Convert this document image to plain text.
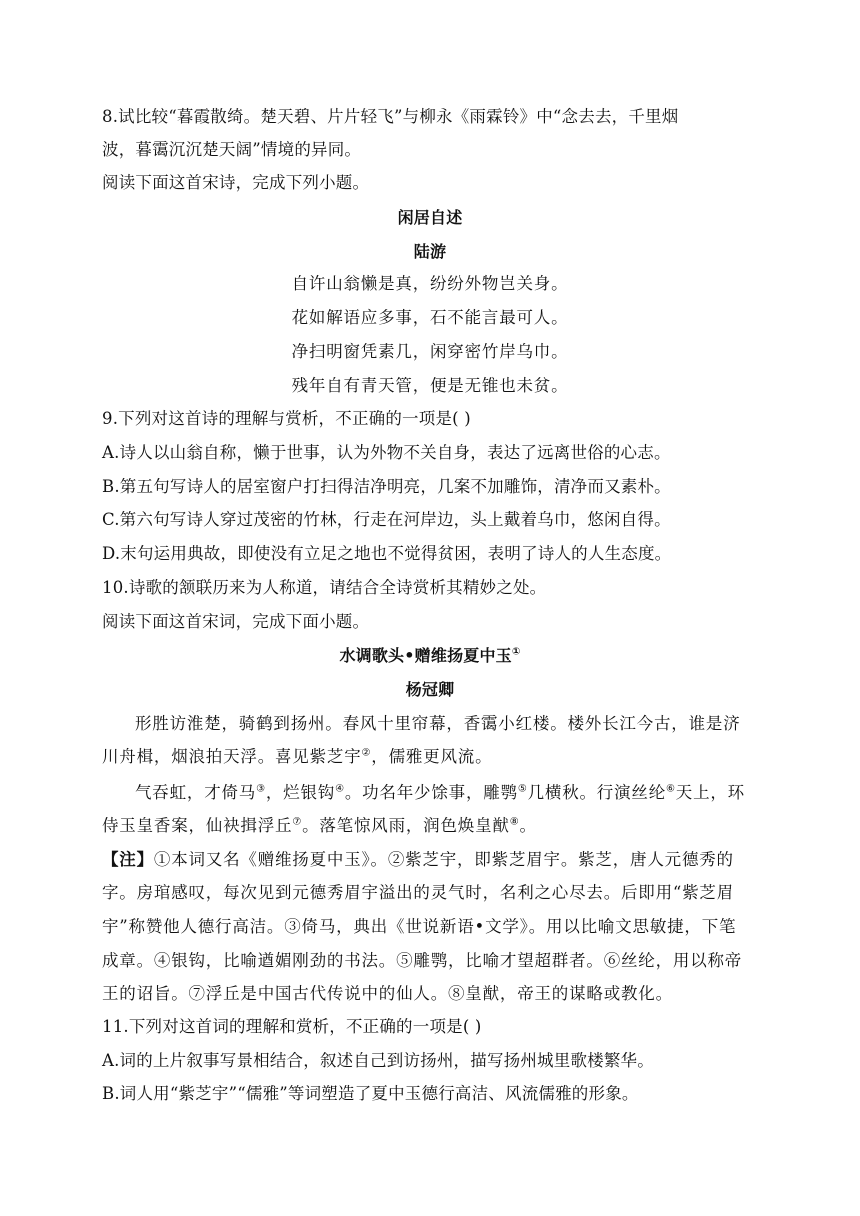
8.试比较“暮霞散绮。楚天碧、片片轻飞”与柳永《雨霖铃》中“念去去，千里烟
波，暮霭沉沉楚天阔”情境的异同。
阅读下面这首宋诗，完成下列小题。
闲居自述
陆游
自许山翁懒是真，纷纷外物岂关身。
花如解语应多事，石不能言最可人。
净扫明窗凭素几，闲穿密竹岸乌巾。
残年自有青天管，便是无锥也未贫。
9.下列对这首诗的理解与赏析，不正确的一项是( )
A.诗人以山翁自称，懒于世事，认为外物不关自身，表达了远离世俗的心志。
B.第五句写诗人的居室窗户打扫得洁净明亮，几案不加雕饰，清净而又素朴。
C.第六句写诗人穿过茂密的竹林，行走在河岸边，头上戴着乌巾，悠闲自得。
D.末句运用典故，即使没有立足之地也不觉得贫困，表明了诗人的人生态度。
10.诗歌的颔联历来为人称道，请结合全诗赏析其精妙之处。
阅读下面这首宋词，完成下面小题。
水调歌头•赠维扬夏中玉①
杨冠卿
形胜访淮楚，骑鹤到扬州。春风十里帘幕，香霭小红楼。楼外长江今古，谁是济
川舟楫，烟浪拍天浮。喜见紫芝宇②，儒雅更风流。
气吞虹，才倚马③，烂银钩④。功名年少馀事，雕鹗⑤几横秋。行演丝纶⑥天上，环
侍玉皇香案，仙袂揖浮丘⑦。落笔惊风雨，润色焕皇猷⑧。
【注】①本词又名《赠维扬夏中玉》。②紫芝宇，即紫芝眉宇。紫芝，唐人元德秀的
字。房琯感叹，每次见到元德秀眉宇溢出的灵气时，名利之心尽去。后即用“紫芝眉
宇”称赞他人德行高洁。③倚马，典出《世说新语•文学》。用以比喻文思敏捷，下笔
成章。④银钩，比喻遒媚刚劲的书法。⑤雕鹗，比喻才望超群者。⑥丝纶，用以称帝
王的诏旨。⑦浮丘是中国古代传说中的仙人。⑧皇猷，帝王的谋略或教化。
11.下列对这首词的理解和赏析，不正确的一项是( )
A.词的上片叙事写景相结合，叙述自己到访扬州，描写扬州城里歌楼繁华。
B.词人用“紫芝宇”“儒雅”等词塑造了夏中玉德行高洁、风流儒雅的形象。
